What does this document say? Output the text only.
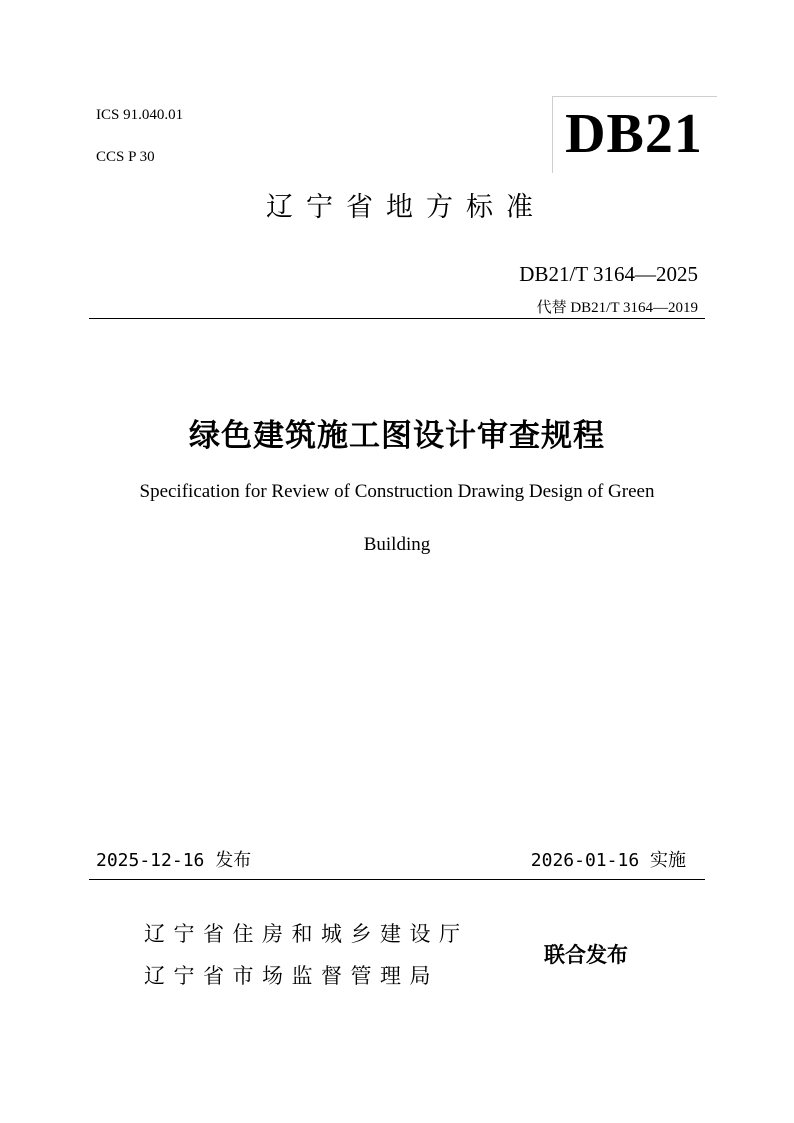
ICS 91.040.01
CCS P 30	DB21
辽宁省地方标准
DB21/T 3164—2025
代替 DB21/T 3164—2019
绿色建筑施工图设计审查规程
Specification for Review of Construction Drawing Design of Green
Building
2025-12-16 发布	2026-01-16 实施
辽宁省住房和城乡建设厅
辽宁省市场监督管理局
联合发布
